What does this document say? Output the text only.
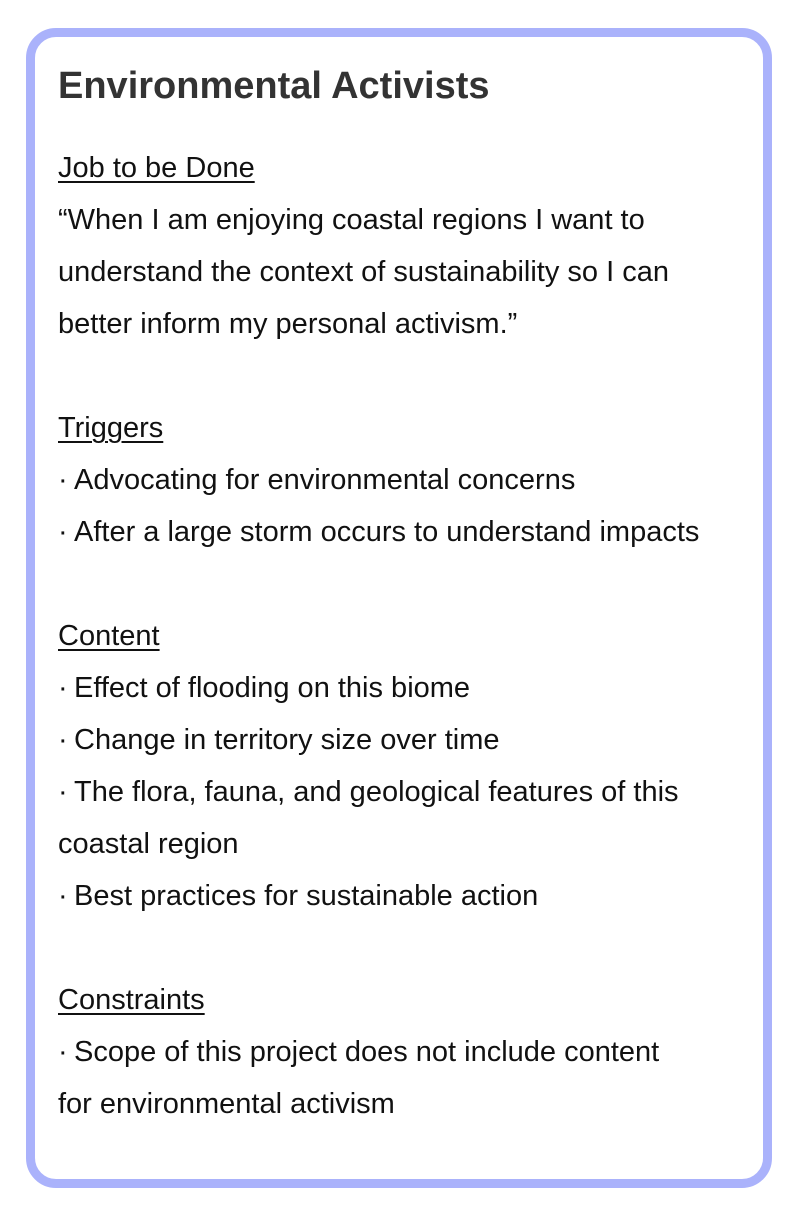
Environmental Activists
Job to be Done
“When I am enjoying coastal regions I want to
understand the context of sustainability so I can
better inform my personal activism.”
Triggers
· Advocating for environmental concerns
· After a large storm occurs to understand impacts
Content
· Effect of flooding on this biome
· Change in territory size over time
· The flora, fauna, and geological features of this
coastal region
· Best practices for sustainable action
Constraints
· Scope of this project does not include content
for environmental activism
